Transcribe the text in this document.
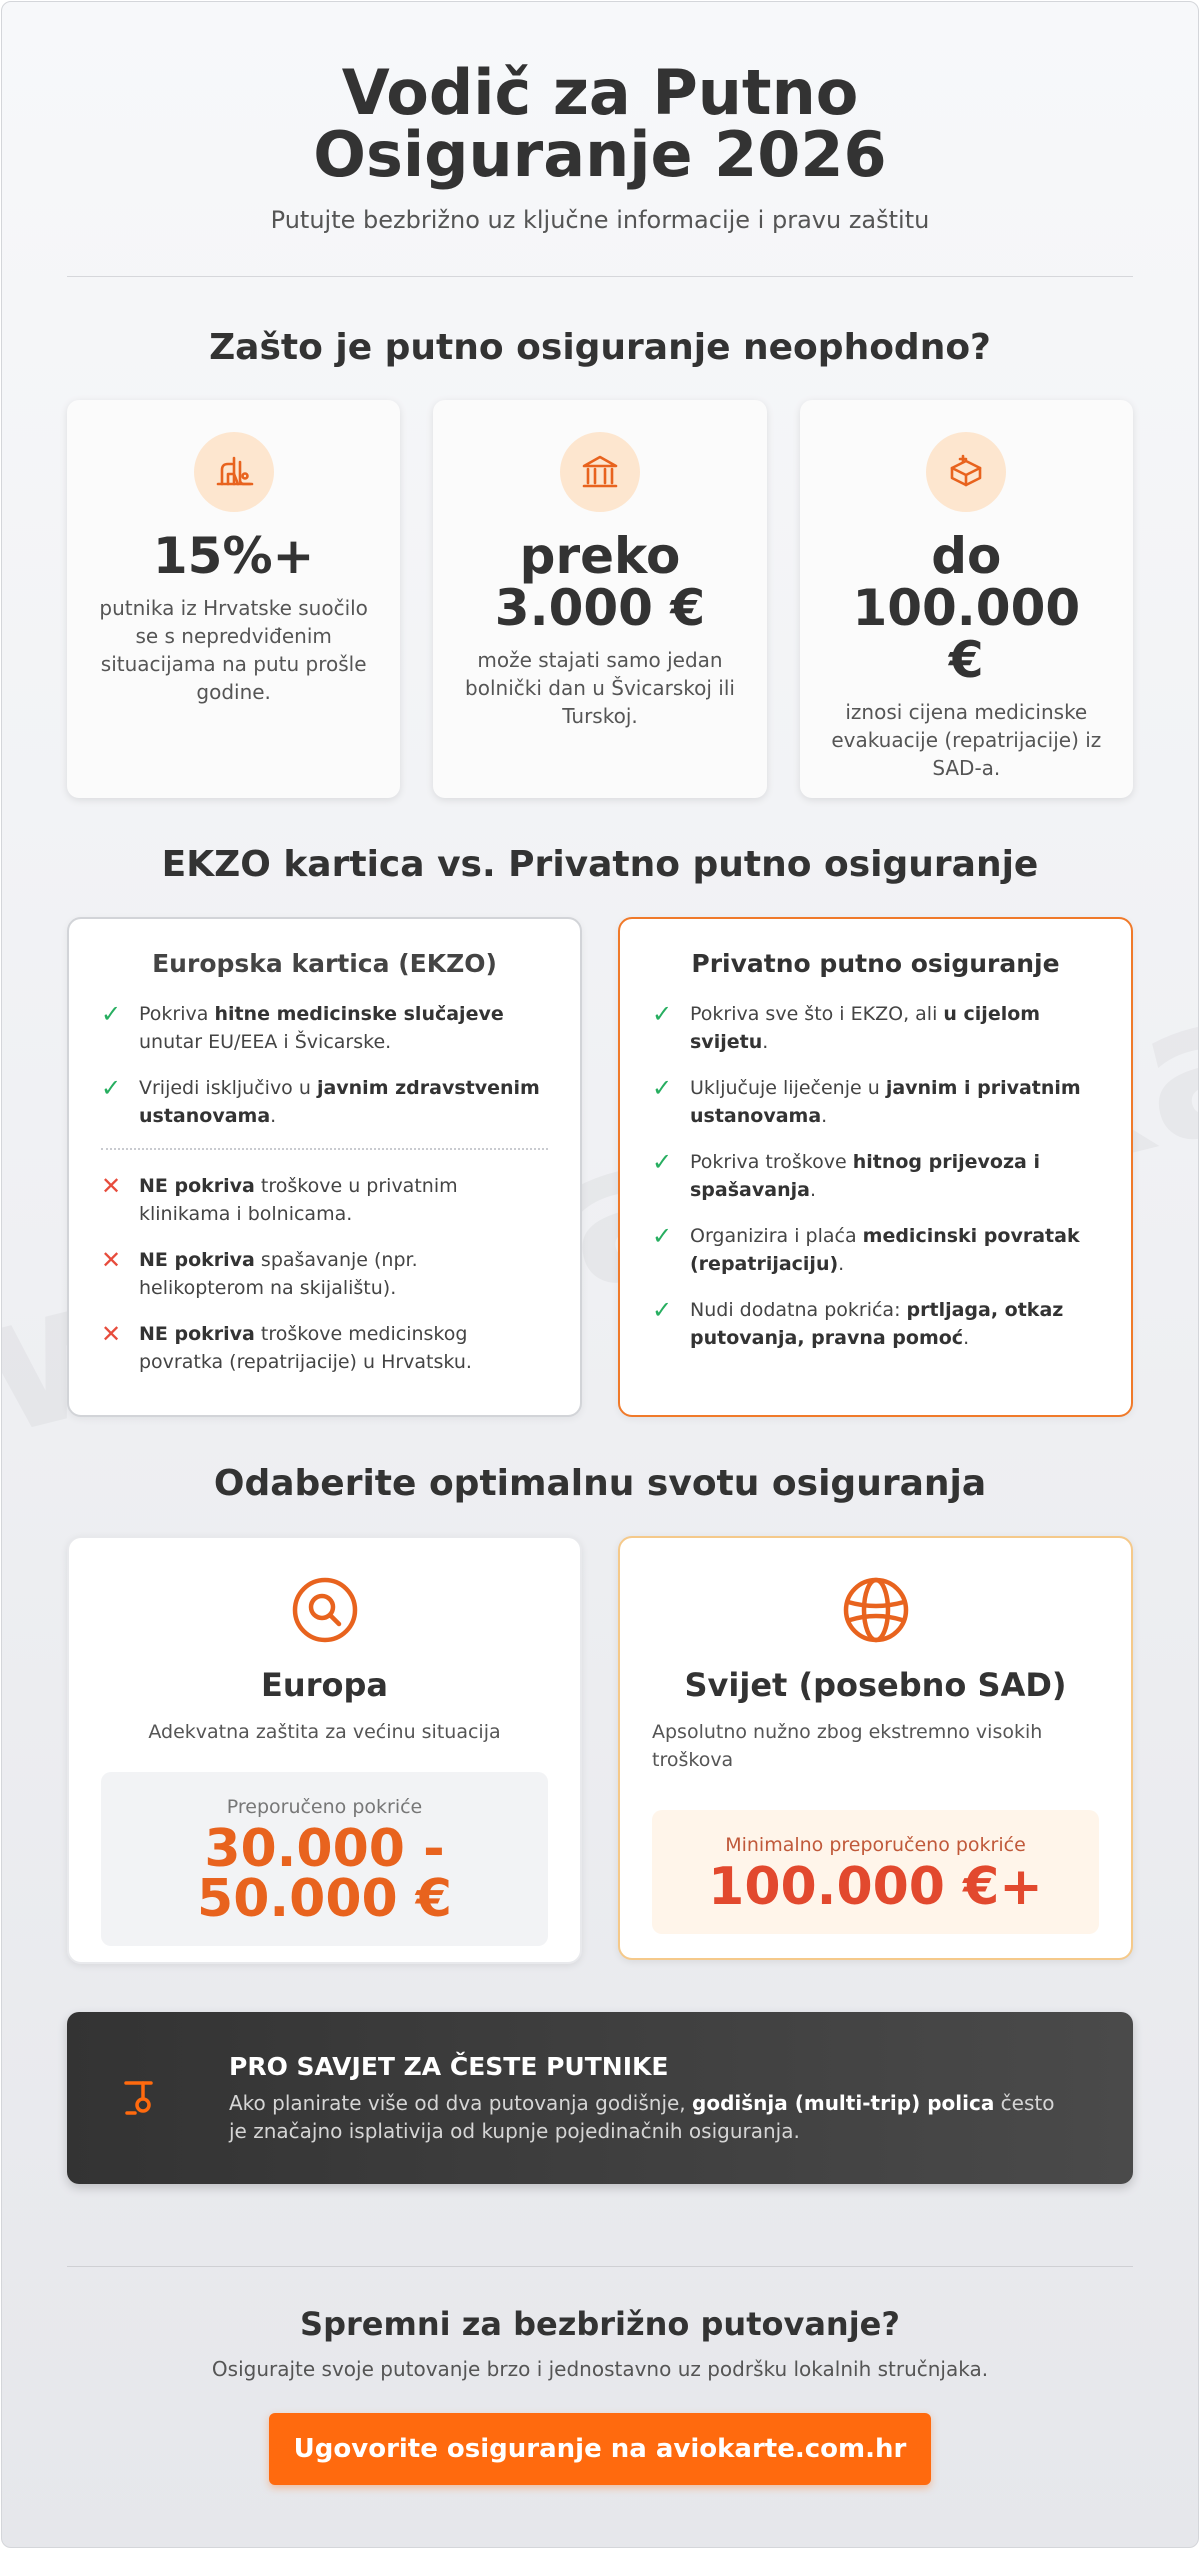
Vodič za Putno Osiguranje 2026

Putujte bezbrižno uz ključne informacije i pravu zaštitu

Zašto je putno osiguranje neophodno?
15%+
putnika iz Hrvatske suočilo se s nepredviđenim situacijama na putu prošle godine.
preko 3.000 €
može stajati samo jedan bolnički dan u Švicarskoj ili Turskoj.
do 100.000 €
iznosi cijena medicinske evakuacije (repatrijacije) iz SAD-a.
EKZO kartica vs. Privatno putno osiguranje
Europska kartica (EKZO)
✓ Pokriva hitne medicinske slučajeve unutar EU/EEA i Švicarske.
✓ Vrijedi isključivo u javnim zdravstvenim ustanovama.
✕ NE pokriva troškove u privatnim klinikama i bolnicama.
✕ NE pokriva spašavanje (npr. helikopterom na skijalištu).
✕ NE pokriva troškove medicinskog povratka (repatrijacije) u Hrvatsku.
Privatno putno osiguranje
✓ Pokriva sve što i EKZO, ali u cijelom svijetu.
✓ Uključuje liječenje u javnim i privatnim ustanovama.
✓ Pokriva troškove hitnog prijevoza i spašavanja.
✓ Organizira i plaća medicinski povratak (repatrijaciju).
✓ Nudi dodatna pokrića: prtljaga, otkaz putovanja, pravna pomoć.
Odaberite optimalnu svotu osiguranja
Europa
Adekvatna zaštita za većinu situacija
Preporučeno pokriće
30.000 - 50.000 €
Svijet (posebno SAD)
Apsolutno nužno zbog ekstremno visokih troškova
Minimalno preporučeno pokriće
100.000 €+
PRO SAVJET ZA ČESTE PUTNIKE
Ako planirate više od dva putovanja godišnje, godišnja (multi-trip) polica često je značajno isplativija od kupnje pojedinačnih osiguranja.
Spremni za bezbrižno putovanje?

Osigurajte svoje putovanje brzo i jednostavno uz podršku lokalnih stručnjaka.

Ugovorite osiguranje na aviokarte.com.hr
